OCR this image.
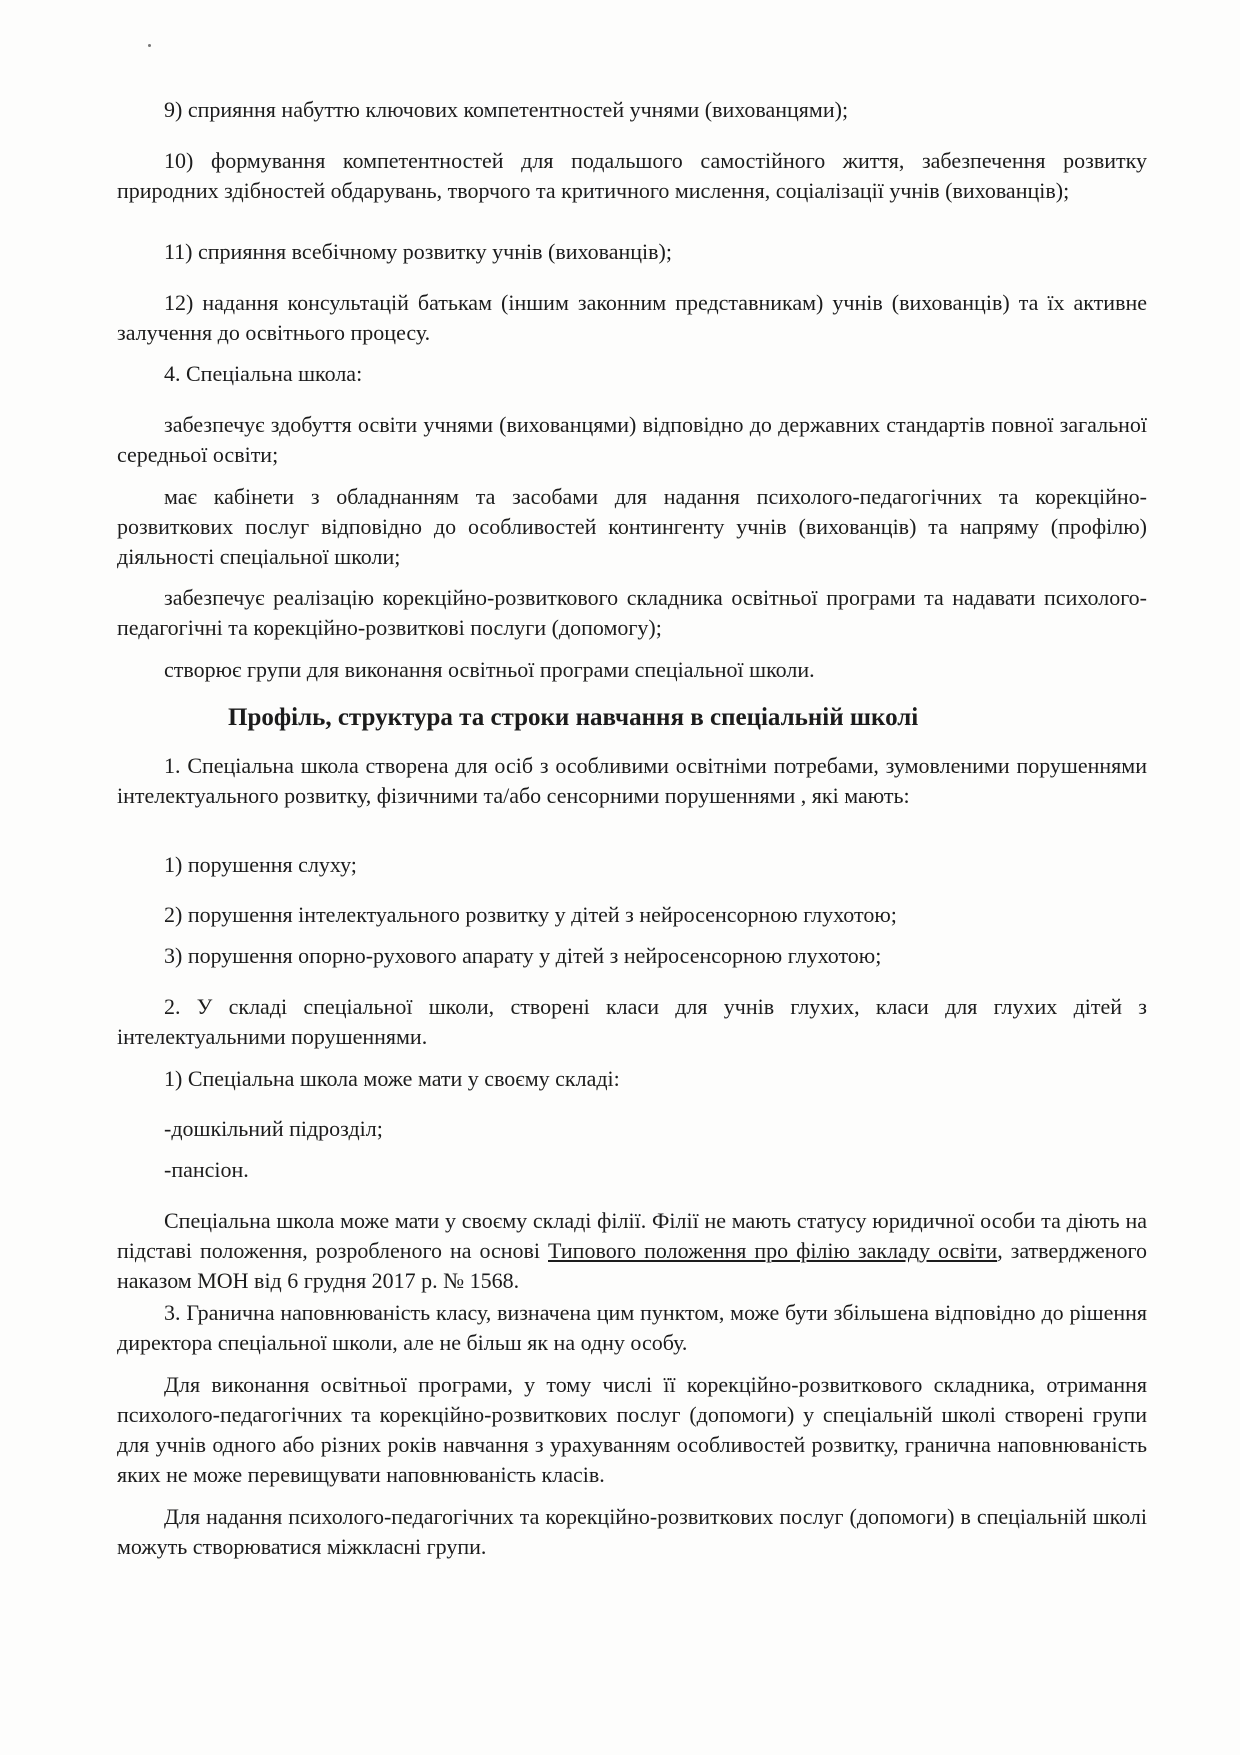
9) сприяння набуттю ключових компетентностей учнями (вихованцями);

10) формування компетентностей для подальшого самостійного життя, забезпечення розвитку природних здібностей обдарувань, творчого та критичного мислення, соціалізації учнів (вихованців);

11) сприяння всебічному розвитку учнів (вихованців);

12) надання консультацій батькам (іншим законним представникам) учнів (вихованців) та їх активне залучення до освітнього процесу.

4. Спеціальна школа:

забезпечує здобуття освіти учнями (вихованцями) відповідно до державних стандартів повної загальної середньої освіти;

має кабінети з обладнанням та засобами для надання психолого-педагогічних та корекційно-розвиткових послуг відповідно до особливостей контингенту учнів (вихованців) та напряму (профілю) діяльності спеціальної школи;

забезпечує реалізацію корекційно-розвиткового складника освітньої програми та надавати психолого-педагогічні та корекційно-розвиткові послуги (допомогу);

створює групи для виконання освітньої програми спеціальної школи.

Профіль, структура та строки навчання в спеціальній школі

1. Спеціальна школа створена для осіб з особливими освітніми потребами, зумовленими порушеннями інтелектуального розвитку, фізичними та/або сенсорними порушеннями , які мають:

1) порушення слуху;

2) порушення інтелектуального розвитку у дітей з нейросенсорною глухотою;

3) порушення опорно-рухового апарату у дітей з нейросенсорною глухотою;

2. У складі спеціальної школи, створені класи для учнів глухих, класи для глухих дітей з інтелектуальними порушеннями.

1) Спеціальна школа може мати у своєму складі:

-дошкільний підрозділ;

-пансіон.

Спеціальна школа може мати у своєму складі філії. Філії не мають статусу юридичної особи та діють на підставі положення, розробленого на основі Типового положення про філію закладу освіти, затвердженого наказом МОН від 6 грудня 2017 р. № 1568.

3. Гранична наповнюваність класу, визначена цим пунктом, може бути збільшена відповідно до рішення директора спеціальної школи, але не більш як на одну особу.

Для виконання освітньої програми, у тому числі її корекційно-розвиткового складника, отримання психолого-педагогічних та корекційно-розвиткових послуг (допомоги) у спеціальній школі створені групи для учнів одного або різних років навчання з урахуванням особливостей розвитку, гранична наповнюваність яких не може перевищувати наповнюваність класів.

Для надання психолого-педагогічних та корекційно-розвиткових послуг (допомоги) в спеціальній школі можуть створюватися міжкласні групи.
